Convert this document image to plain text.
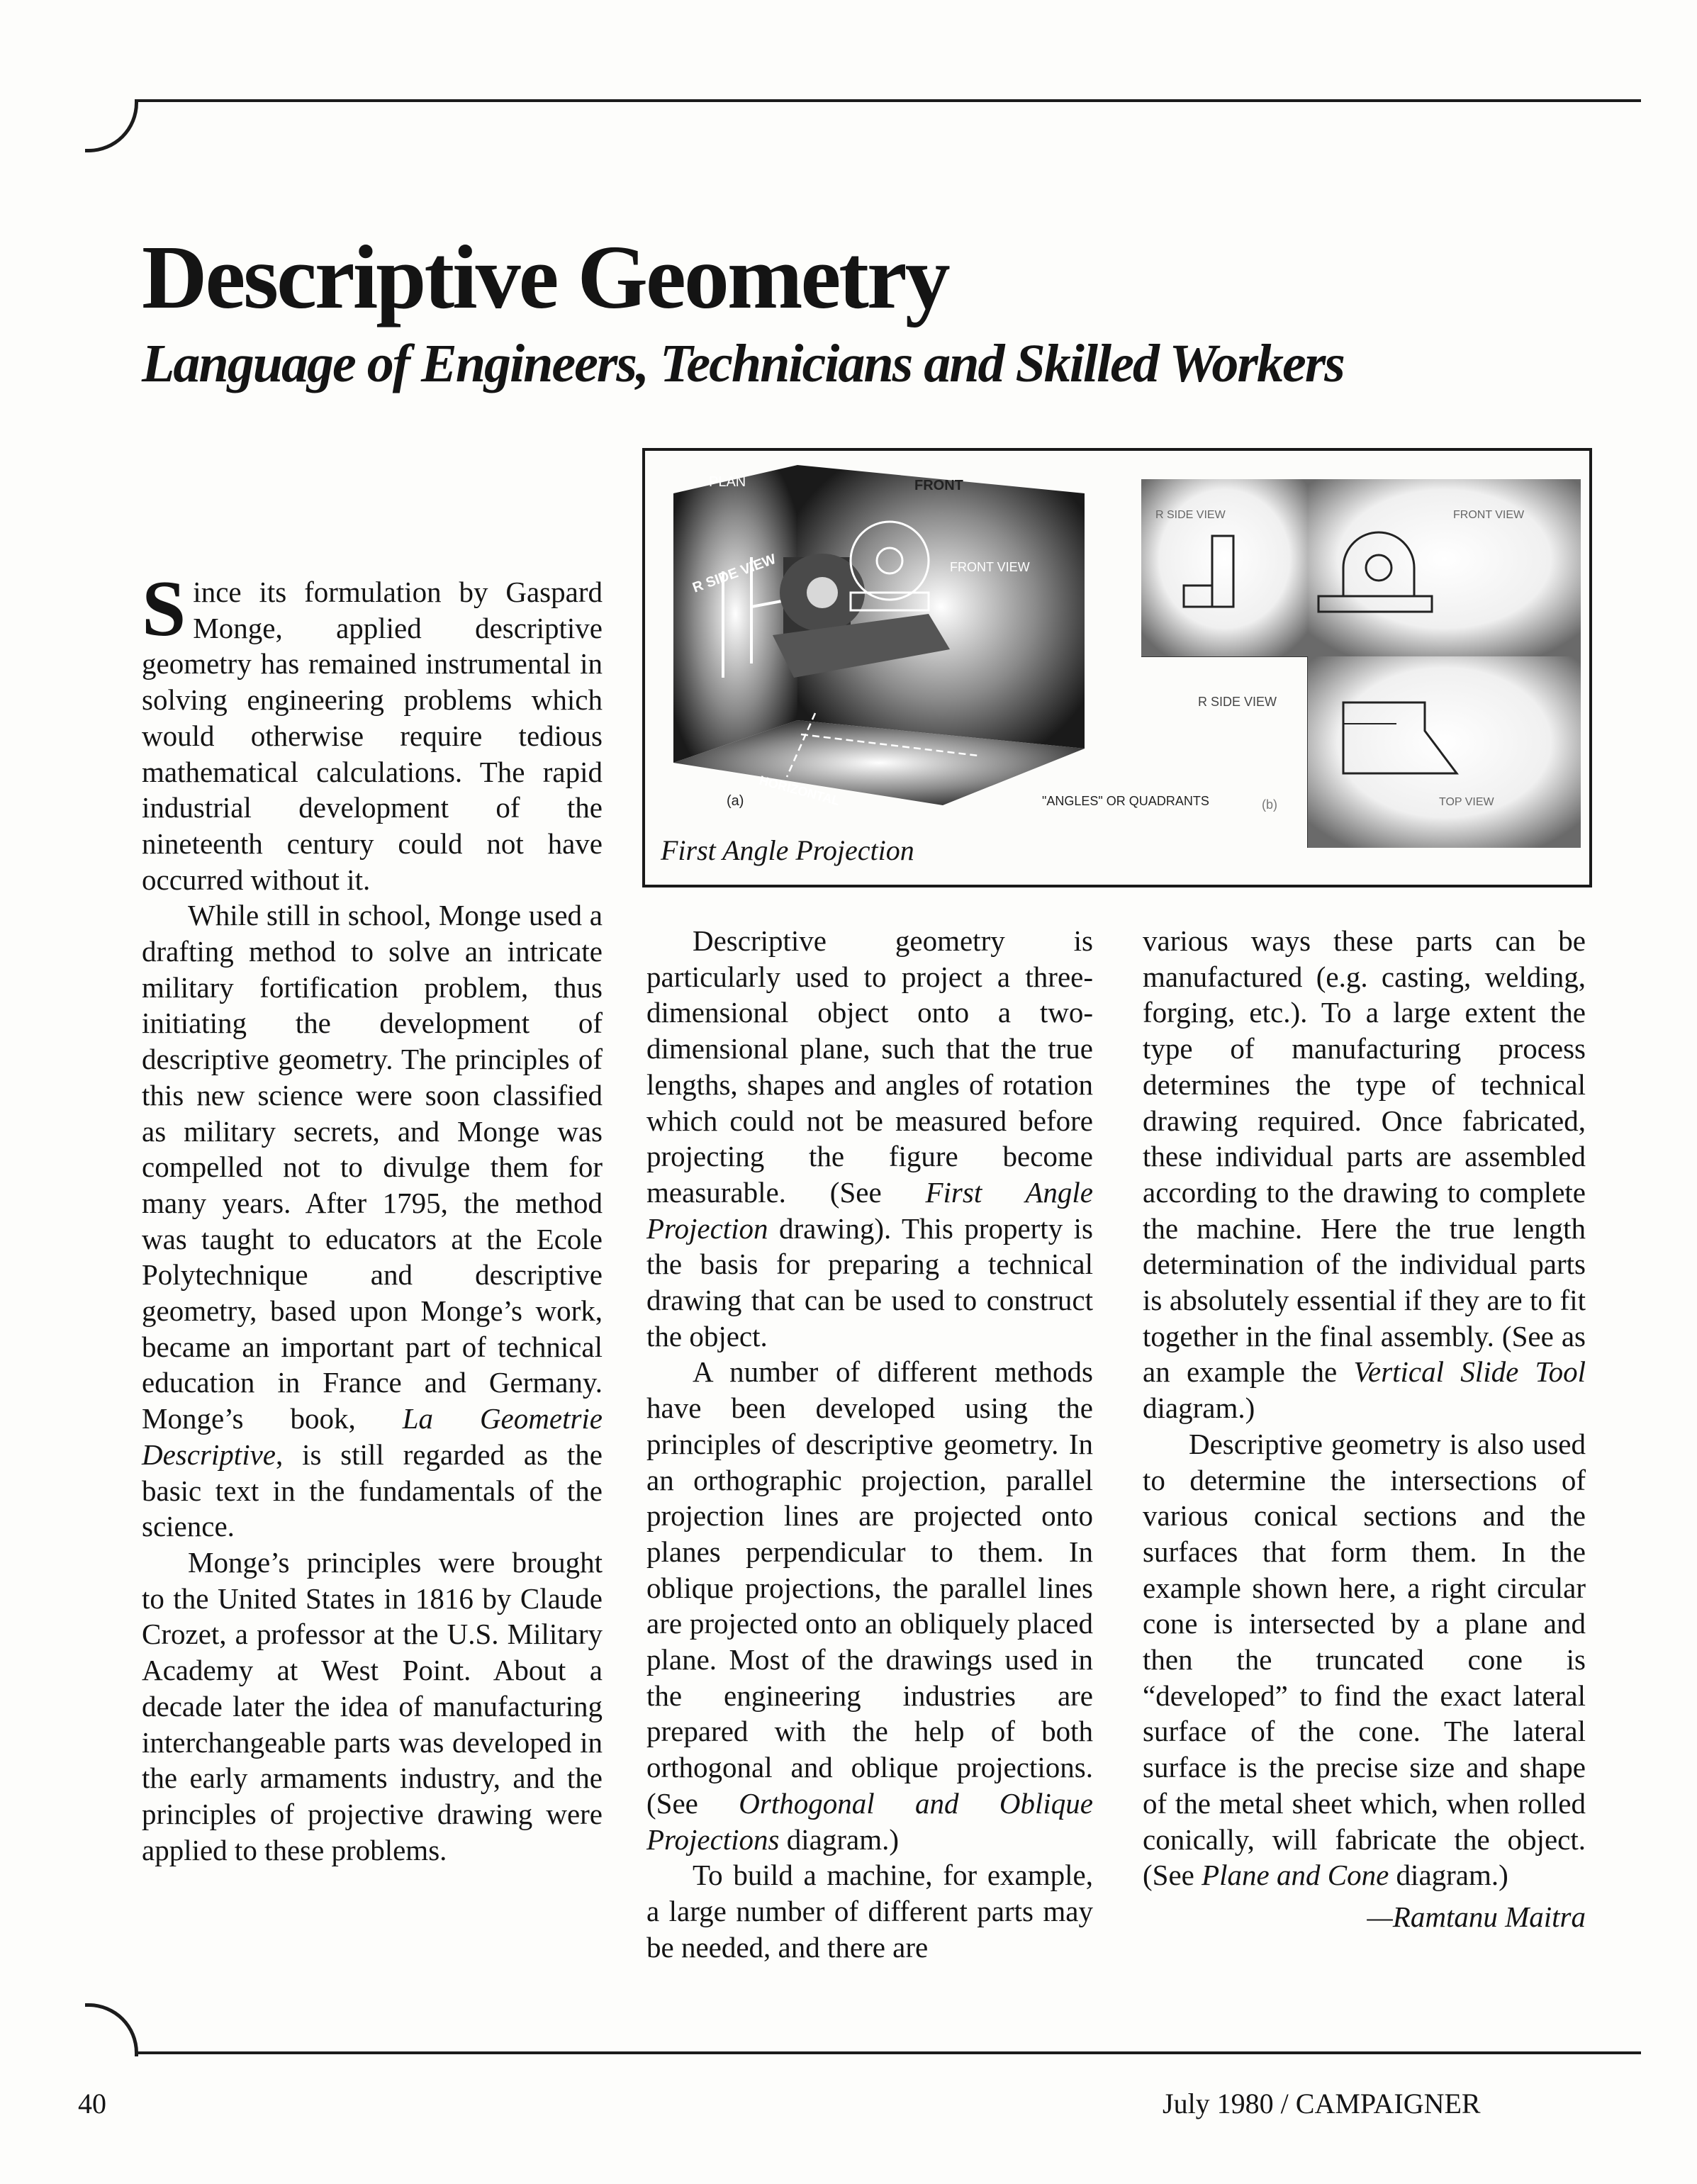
Descriptive Geometry
Language of Engineers, Technicians and Skilled Workers
PLAN	FRONT
FRONT VIEW
R SIDE VIEW
HORIZONTAL
(a)
R SIDE VIEW	FRONT VIEW
TOP VIEW
R SIDE VIEW
"ANGLES" OR QUADRANTS	(b)
First Angle Projection

Since its formulation by Gaspard Monge, applied descriptive geometry has remained instrumental in solving engineering problems which would otherwise require tedious mathematical calculations. The rapid industrial development of the nineteenth century could not have occurred without it.

While still in school, Monge used a drafting method to solve an intricate military fortification problem, thus initiating the development of descriptive geometry. The principles of this new science were soon classified as military secrets, and Monge was compelled not to divulge them for many years. After 1795, the method was taught to educators at the Ecole Polytechnique and descriptive geometry, based upon Monge’s work, became an important part of technical education in France and Germany. Monge’s book, La Geometrie Descriptive, is still regarded as the basic text in the fundamentals of the science.

Monge’s principles were brought to the United States in 1816 by Claude Crozet, a professor at the U.S. Military Academy at West Point. About a decade later the idea of manufacturing interchangeable parts was developed in the early armaments industry, and the principles of projective drawing were applied to these problems.

Descriptive geometry is particularly used to project a three-dimensional object onto a two-dimensional plane, such that the true lengths, shapes and angles of rotation which could not be measured before projecting the figure become measurable. (See First Angle Projection drawing). This property is the basis for preparing a technical drawing that can be used to construct the object.

A number of different methods have been developed using the principles of descriptive geometry. In an orthographic projection, parallel projection lines are projected onto planes perpendicular to them. In oblique projections, the parallel lines are projected onto an obliquely placed plane. Most of the drawings used in the engineering industries are prepared with the help of both orthogonal and oblique projections. (See Orthogonal and Oblique Projections diagram.)

To build a machine, for example, a large number of different parts may be needed, and there are

various ways these parts can be manufactured (e.g. casting, welding, forging, etc.). To a large extent the type of manufacturing process determines the type of technical drawing required. Once fabricated, these individual parts are assembled according to the drawing to complete the machine. Here the true length determination of the individual parts is absolutely essential if they are to fit together in the final assembly. (See as an example the Vertical Slide Tool diagram.)

Descriptive geometry is also used to determine the intersections of various conical sections and the surfaces that form them. In the example shown here, a right circular cone is intersected by a plane and then the truncated cone is “developed” to find the exact lateral surface of the cone. The lateral surface is the precise size and shape of the metal sheet which, when rolled conically, will fabricate the object. (See Plane and Cone diagram.)

—Ramtanu Maitra
40	July 1980 / CAMPAIGNER
